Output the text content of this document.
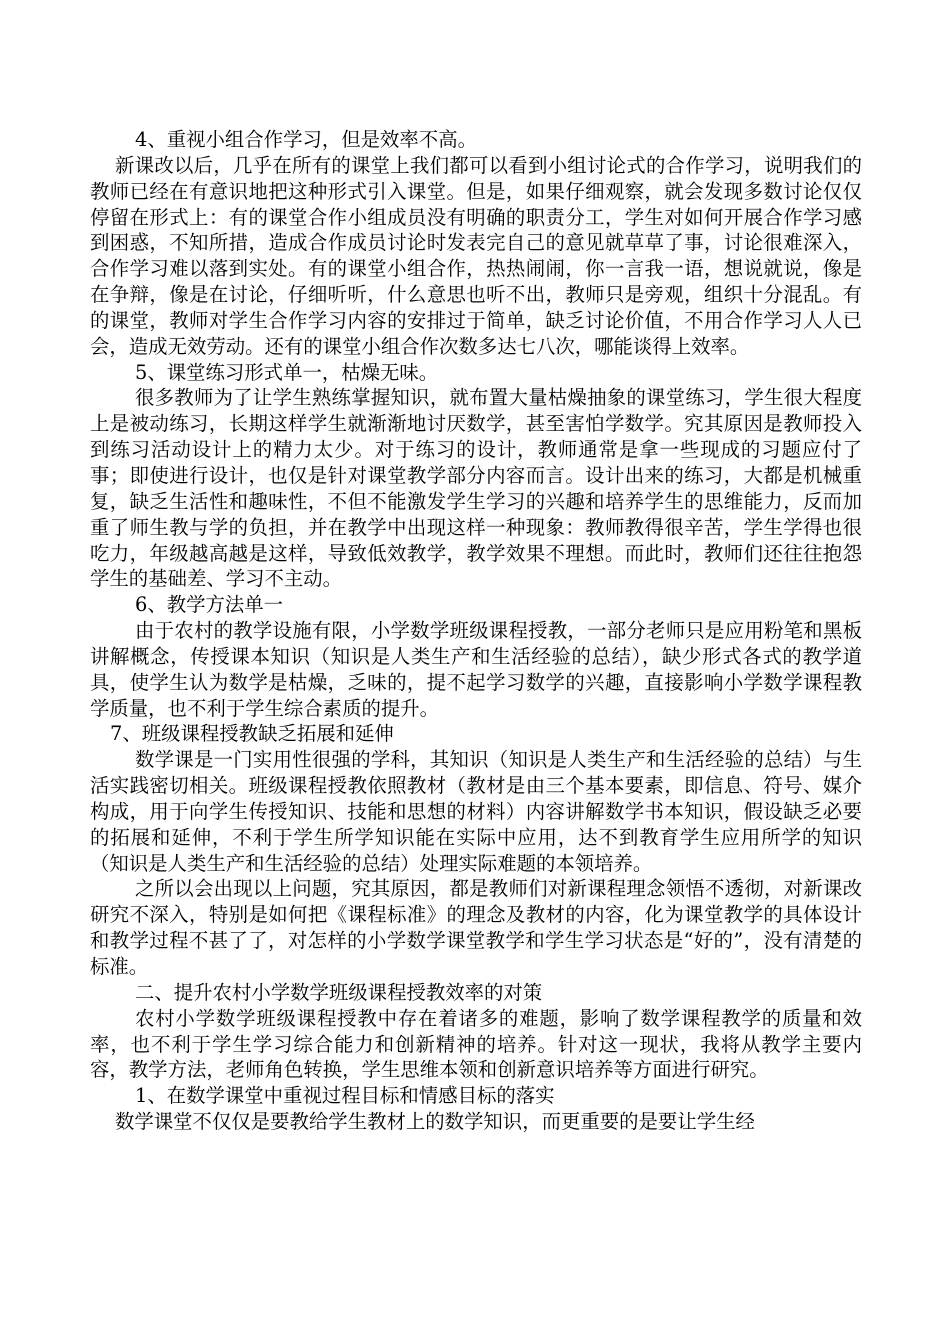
4、重视小组合作学习，但是效率不高。

新课改以后，几乎在所有的课堂上我们都可以看到小组讨论式的合作学习，说明我们的教师已经在有意识地把这种形式引入课堂。但是，如果仔细观察，就会发现多数讨论仅仅停留在形式上：有的课堂合作小组成员没有明确的职责分工，学生对如何开展合作学习感到困惑，不知所措，造成合作成员讨论时发表完自己的意见就草草了事，讨论很难深入，合作学习难以落到实处。有的课堂小组合作，热热闹闹，你一言我一语，想说就说，像是在争辩，像是在讨论，仔细听听，什么意思也听不出，教师只是旁观，组织十分混乱。有的课堂，教师对学生合作学习内容的安排过于简单，缺乏讨论价值，不用合作学习人人已会，造成无效劳动。还有的课堂小组合作次数多达七八次，哪能谈得上效率。

5、课堂练习形式单一，枯燥无味。

很多教师为了让学生熟练掌握知识，就布置大量枯燥抽象的课堂练习，学生很大程度上是被动练习，长期这样学生就渐渐地讨厌数学，甚至害怕学数学。究其原因是教师投入到练习活动设计上的精力太少。对于练习的设计，教师通常是拿一些现成的习题应付了事；即使进行设计，也仅是针对课堂教学部分内容而言。设计出来的练习，大都是机械重复，缺乏生活性和趣味性，不但不能激发学生学习的兴趣和培养学生的思维能力，反而加重了师生教与学的负担，并在教学中出现这样一种现象：教师教得很辛苦，学生学得也很吃力，年级越高越是这样，导致低效教学，教学效果不理想。而此时，教师们还往往抱怨学生的基础差、学习不主动。

6、教学方法单一

由于农村的教学设施有限，小学数学班级课程授教，一部分老师只是应用粉笔和黑板讲解概念，传授课本知识（知识是人类生产和生活经验的总结），缺少形式各式的教学道具，使学生认为数学是枯燥，乏味的，提不起学习数学的兴趣，直接影响小学数学课程教学质量，也不利于学生综合素质的提升。

7、班级课程授教缺乏拓展和延伸

数学课是一门实用性很强的学科，其知识（知识是人类生产和生活经验的总结）与生活实践密切相关。班级课程授教依照教材（教材是由三个基本要素，即信息、符号、媒介构成，用于向学生传授知识、技能和思想的材料）内容讲解数学书本知识，假设缺乏必要的拓展和延伸，不利于学生所学知识能在实际中应用，达不到教育学生应用所学的知识（知识是人类生产和生活经验的总结）处理实际难题的本领培养。

之所以会出现以上问题，究其原因，都是教师们对新课程理念领悟不透彻，对新课改研究不深入，特别是如何把《课程标准》的理念及教材的内容，化为课堂教学的具体设计和教学过程不甚了了，对怎样的小学数学课堂教学和学生学习状态是“好的”，没有清楚的标准。

二、提升农村小学数学班级课程授教效率的对策

农村小学数学班级课程授教中存在着诸多的难题，影响了数学课程教学的质量和效率，也不利于学生学习综合能力和创新精神的培养。针对这一现状，我将从教学主要内容，教学方法，老师角色转换，学生思维本领和创新意识培养等方面进行研究。

1、在数学课堂中重视过程目标和情感目标的落实

数学课堂不仅仅是要教给学生教材上的数学知识，而更重要的是要让学生经
